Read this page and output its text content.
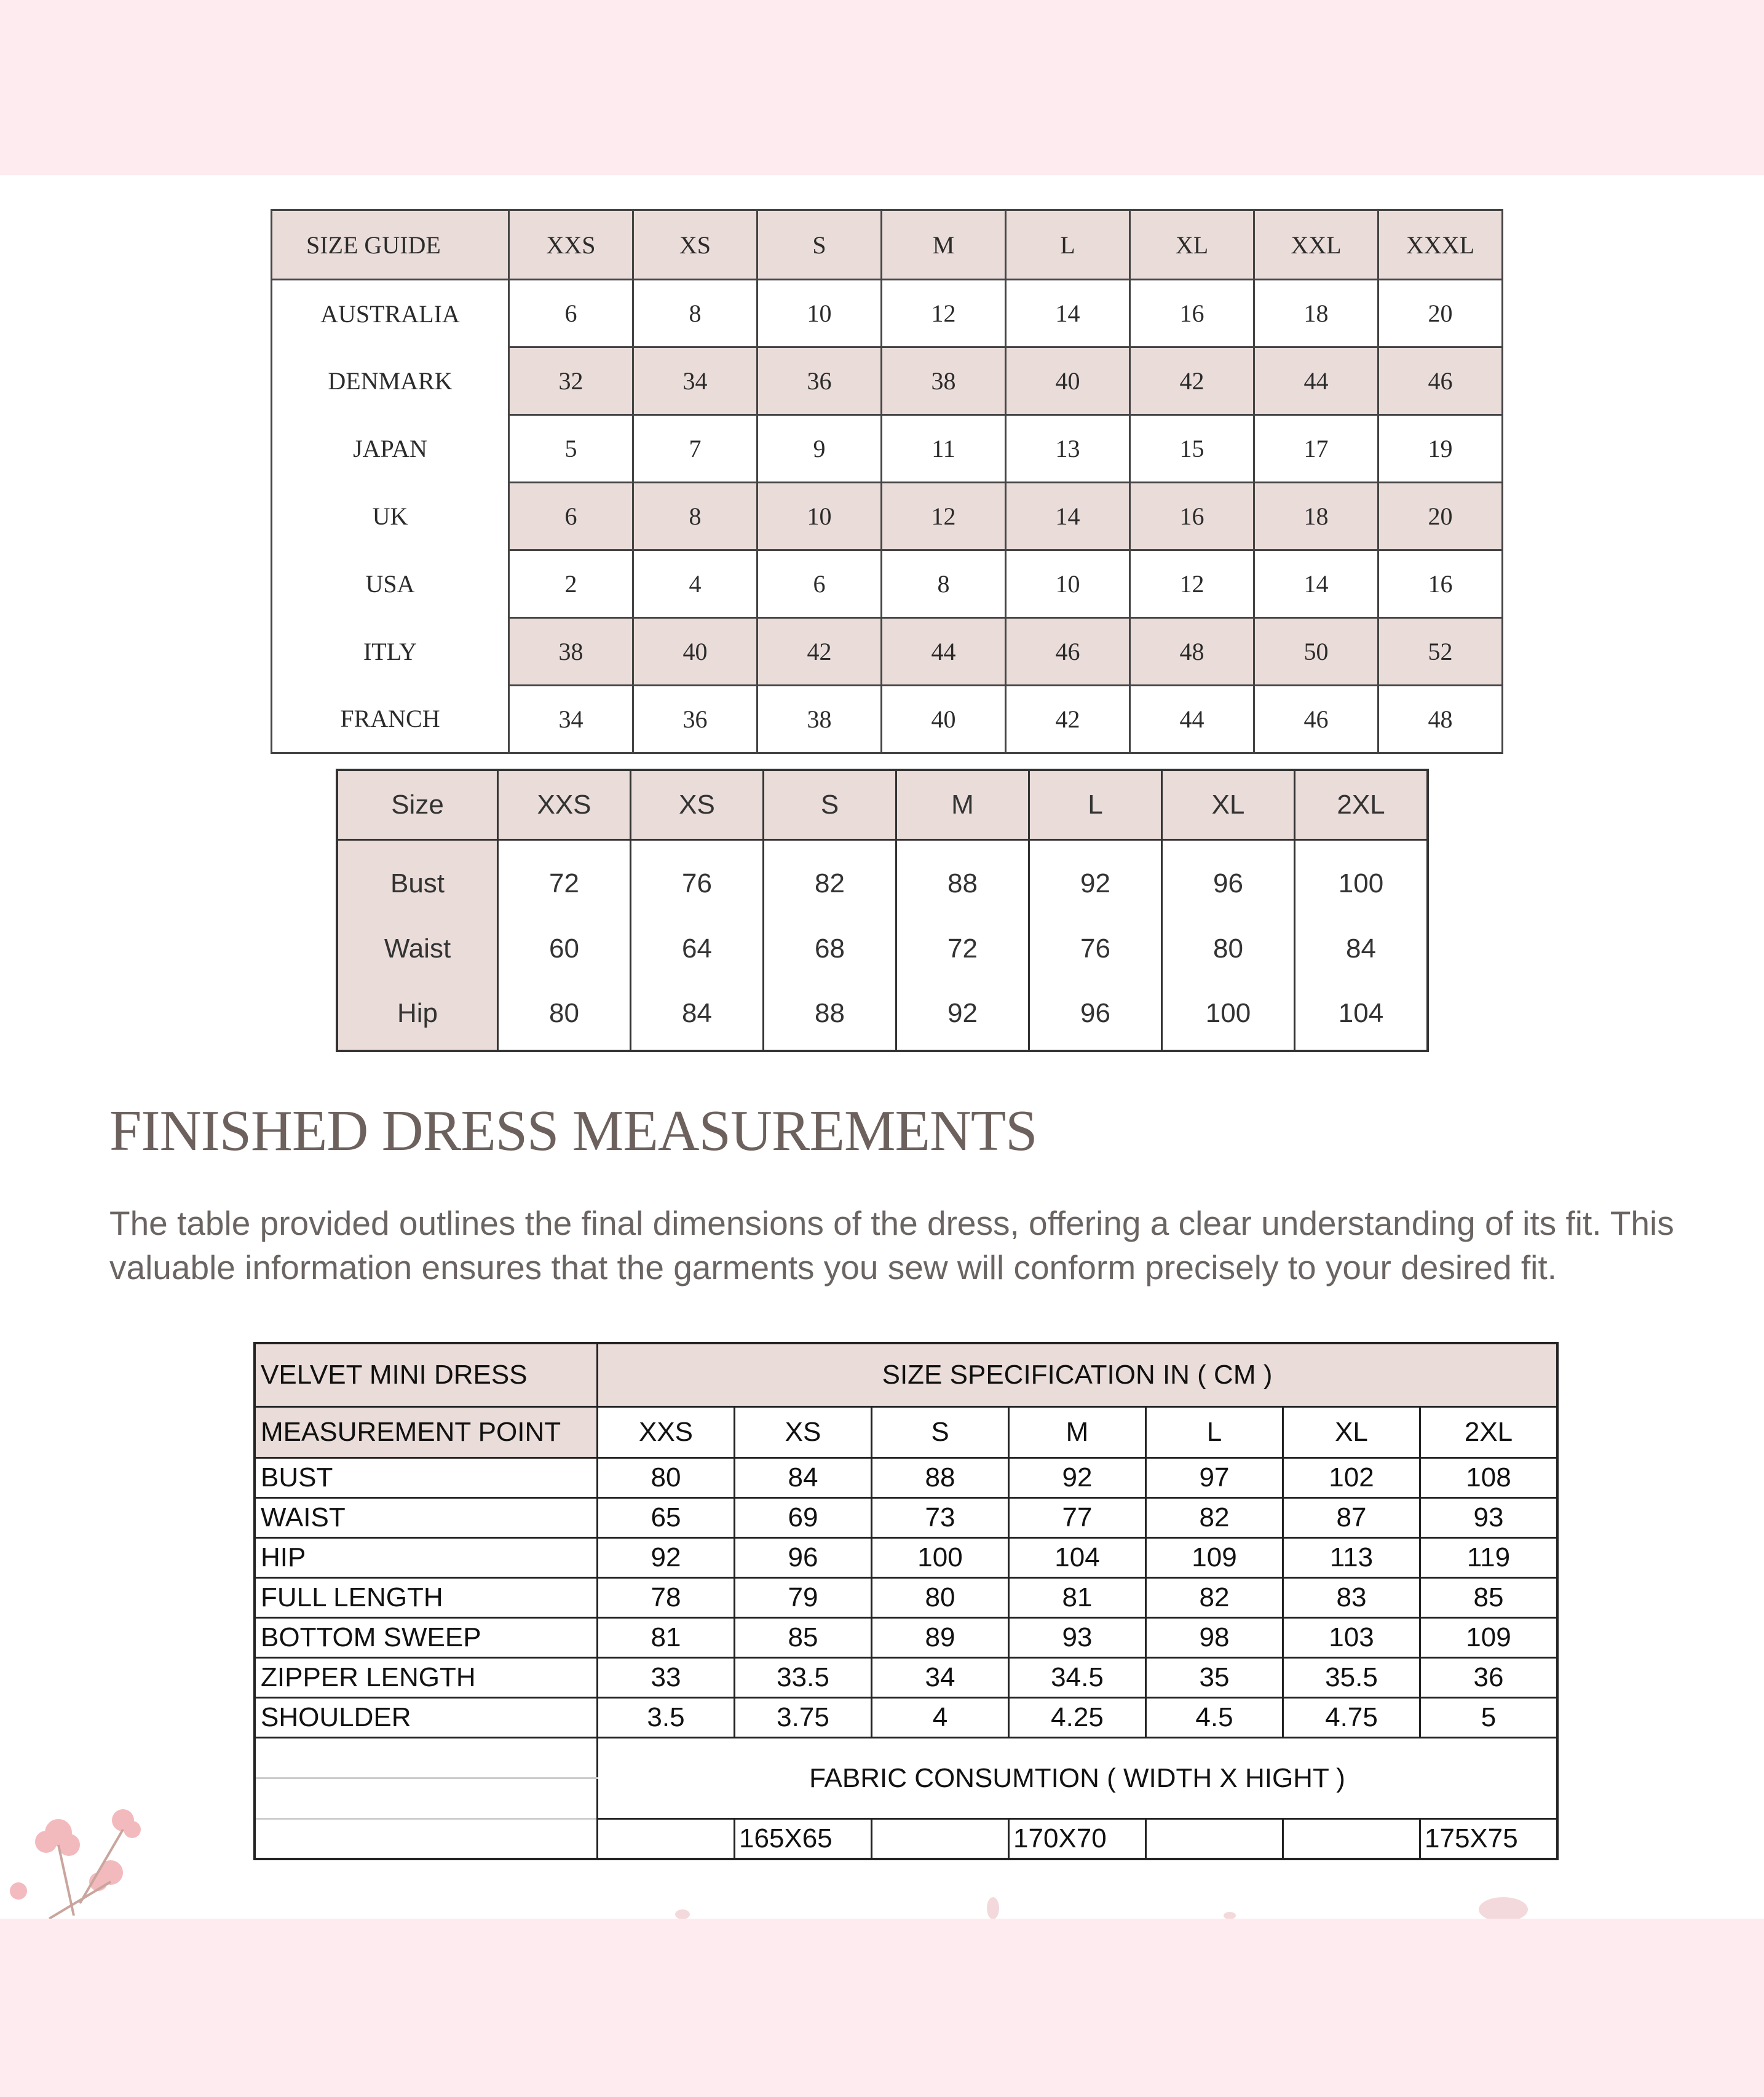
SIZE GUIDE	XXS	XS	S	M	L	XL	XXL	XXXL
AUSTRALIA	6	8	10	12	14	16	18	20
DENMARK	32	34	36	38	40	42	44	46
JAPAN	5	7	9	11	13	15	17	19
UK	6	8	10	12	14	16	18	20
USA	2	4	6	8	10	12	14	16
ITLY	38	40	42	44	46	48	50	52
FRANCH	34	36	38	40	42	44	46	48
Size	XXS	XS	S	M	L	XL	2XL
Bust	72	76	82	88	92	96	100
Waist	60	64	68	72	76	80	84
Hip	80	84	88	92	96	100	104
FINISHED DRESS MEASUREMENTS

The table provided outlines the final dimensions of the dress, offering a clear understanding of its fit. This valuable information ensures that the garments you sew will conform precisely to your desired fit.

VELVET MINI DRESS	SIZE SPECIFICATION IN ( CM )						
MEASUREMENT POINT	XXS	XS	S	M	L	XL	2XL
BUST	80	84	88	92	97	102	108
WAIST	65	69	73	77	82	87	93
HIP	92	96	100	104	109	113	119
FULL LENGTH	78	79	80	81	82	83	85
BOTTOM SWEEP	81	85	89	93	98	103	109
ZIPPER LENGTH	33	33.5	34	34.5	35	35.5	36
SHOULDER	3.5	3.75	4	4.25	4.5	4.75	5
	FABRIC CONSUMTION ( WIDTH X HIGHT )						

		165X65		170X70			175X75
